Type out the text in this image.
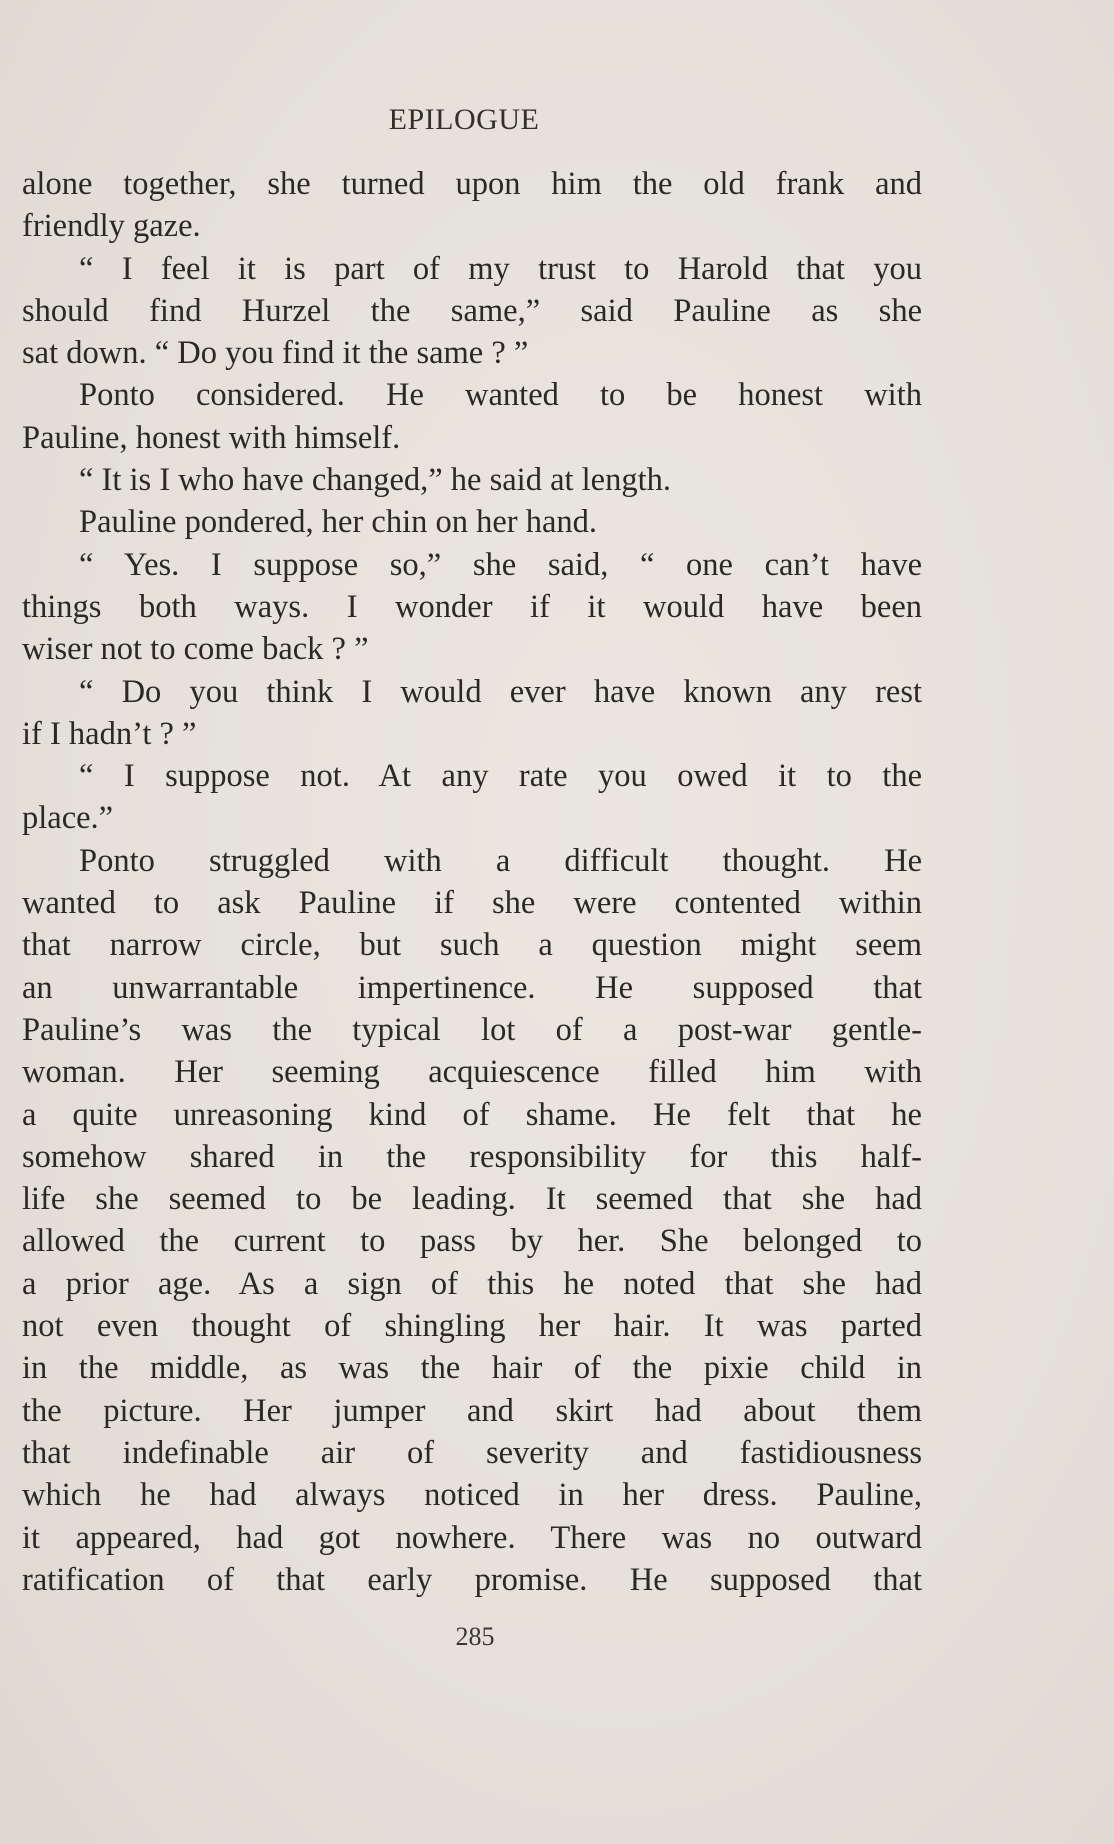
EPILOGUE
alone together, she turned upon him the old frank and
friendly gaze.
“ I feel it is part of my trust to Harold that you
should find Hurzel the same,” said Pauline as she
sat down. “ Do you find it the same ? ”
Ponto considered. He wanted to be honest with
Pauline, honest with himself.
“ It is I who have changed,” he said at length.
Pauline pondered, her chin on her hand.
“ Yes. I suppose so,” she said, “ one can’t have
things both ways. I wonder if it would have been
wiser not to come back ? ”
“ Do you think I would ever have known any rest
if I hadn’t ? ”
“ I suppose not. At any rate you owed it to the
place.”
Ponto struggled with a difficult thought. He
wanted to ask Pauline if she were contented within
that narrow circle, but such a question might seem
an unwarrantable impertinence. He supposed that
Pauline’s was the typical lot of a post-war gentle-
woman. Her seeming acquiescence filled him with
a quite unreasoning kind of shame. He felt that he
somehow shared in the responsibility for this half-
life she seemed to be leading. It seemed that she had
allowed the current to pass by her. She belonged to
a prior age. As a sign of this he noted that she had
not even thought of shingling her hair. It was parted
in the middle, as was the hair of the pixie child in
the picture. Her jumper and skirt had about them
that indefinable air of severity and fastidiousness
which he had always noticed in her dress. Pauline,
it appeared, had got nowhere. There was no outward
ratification of that early promise. He supposed that
285
